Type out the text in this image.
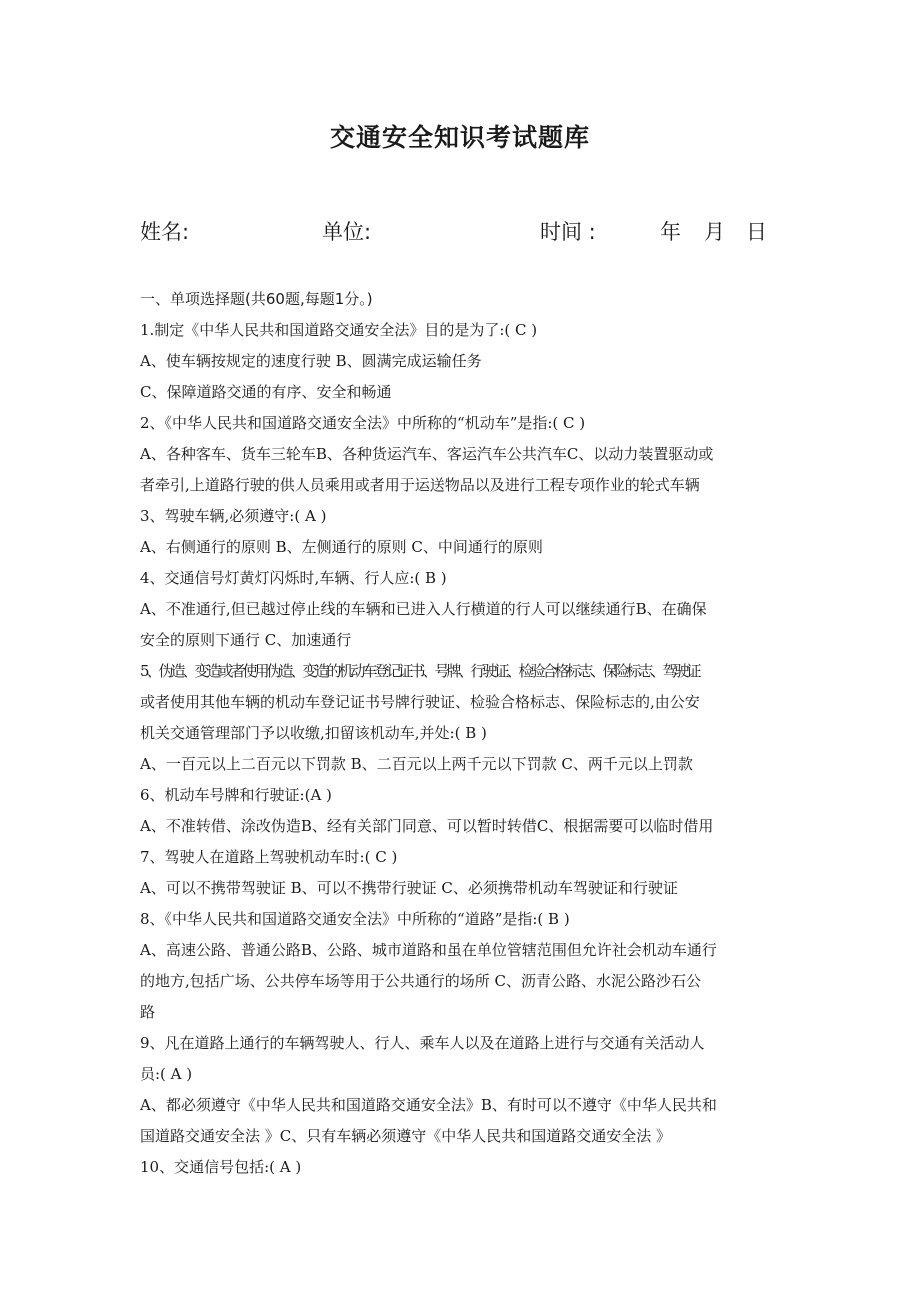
交通安全知识考试题库
姓名:	单位:	时间 :	年 月 日

一、单项选择题(共60题,每题1分。)

1.制定《中华人民共和国道路交通安全法》目的是为了:( C )

A、使车辆按规定的速度行驶 B、圆满完成运输任务

C、保障道路交通的有序、安全和畅通

2、《中华人民共和国道路交通安全法》中所称的“机动车”是指:( C )

A、各种客车、货车三轮车B、各种货运汽车、客运汽车公共汽车C、以动力装置驱动或

者牵引,上道路行驶的供人员乘用或者用于运送物品以及进行工程专项作业的轮式车辆

3、驾驶车辆,必须遵守:( A )

A、右侧通行的原则 B、左侧通行的原则 C、中间通行的原则

4、交通信号灯黄灯闪烁时,车辆、行人应:( B )

A、不准通行,但已越过停止线的车辆和已进入人行横道的行人可以继续通行B、在确保

安全的原则下通行 C、加速通行

5、伪造、变造或者使用伪造、变造的机动车登记证书、号牌、行驶证、检验合格标志、保险标志、驾驶证

或者使用其他车辆的机动车登记证书号牌行驶证、检验合格标志、保险标志的,由公安

机关交通管理部门予以收缴,扣留该机动车,并处:( B )

A、一百元以上二百元以下罚款 B、二百元以上两千元以下罚款 C、两千元以上罚款

6、机动车号牌和行驶证:(A )

A、不准转借、涂改伪造B、经有关部门同意、可以暂时转借C、根据需要可以临时借用

7、驾驶人在道路上驾驶机动车时:( C )

A、可以不携带驾驶证 B、可以不携带行驶证 C、必须携带机动车驾驶证和行驶证

8、《中华人民共和国道路交通安全法》中所称的“道路”是指:( B )

A、高速公路、普通公路B、公路、城市道路和虽在单位管辖范围但允许社会机动车通行

的地方,包括广场、公共停车场等用于公共通行的场所 C、沥青公路、水泥公路沙石公

路

9、凡在道路上通行的车辆驾驶人、行人、乘车人以及在道路上进行与交通有关活动人

员:( A )

A、都必须遵守《中华人民共和国道路交通安全法》B、有时可以不遵守《中华人民共和

国道路交通安全法 》C、只有车辆必须遵守《中华人民共和国道路交通安全法 》

10、交通信号包括:( A )
